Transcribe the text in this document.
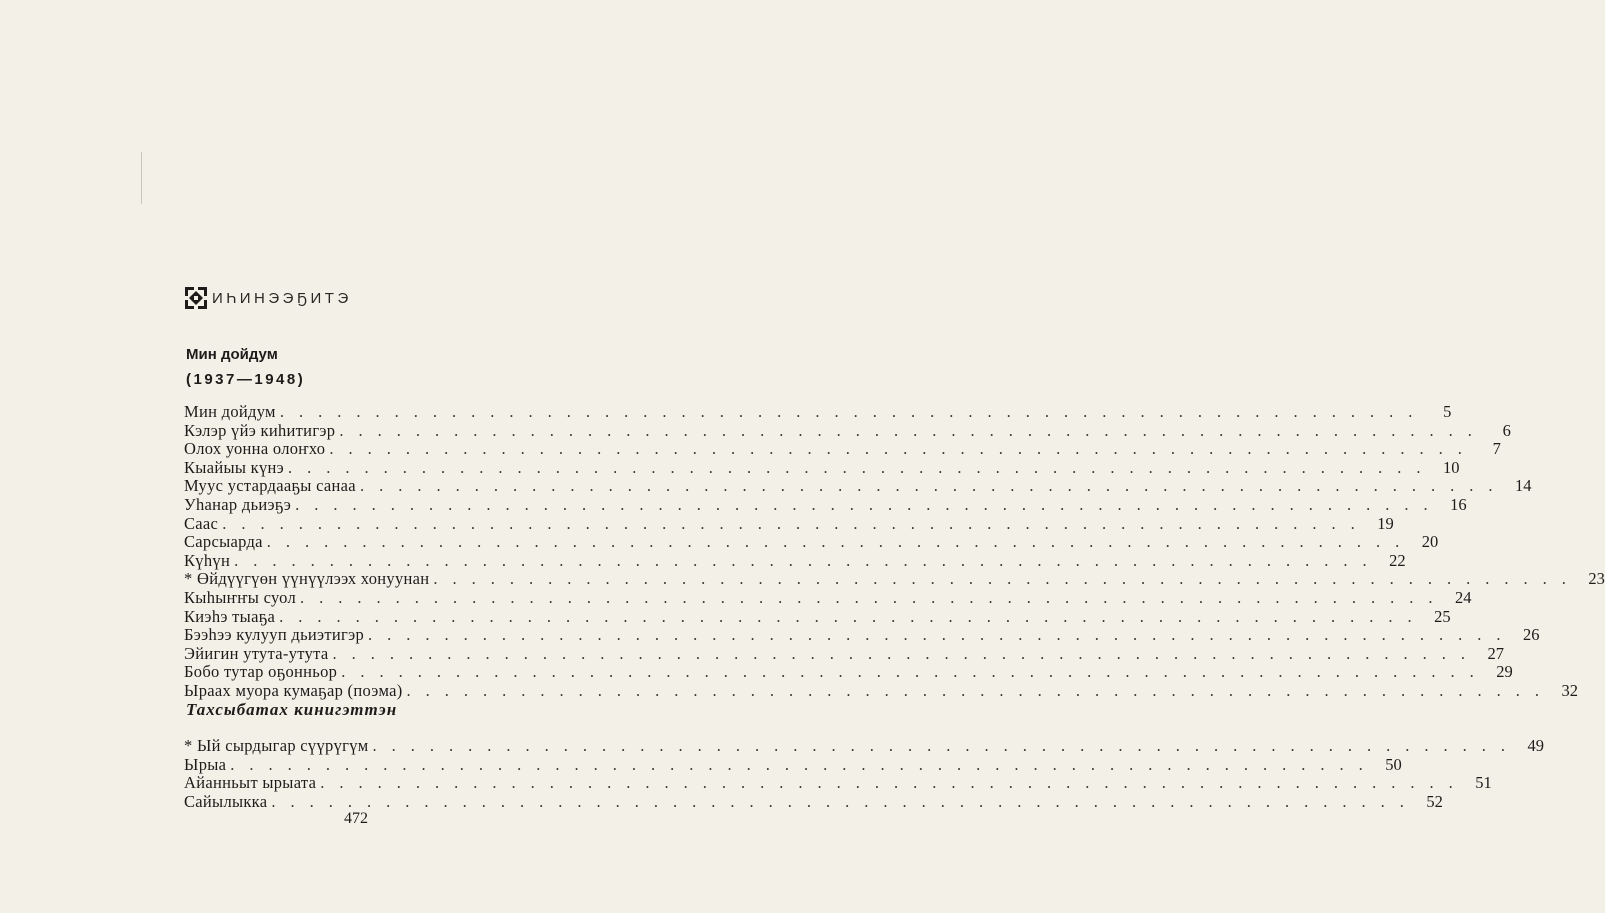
ИҺИНЭЭҔИТЭ
Мин дойдум
(1937—1948)
Мин дойдум ............................................................ 5
Кэлэр үйэ киһитигэр ............................................................ 6
Олох уонна олоҥхо ............................................................ 7
Кыайыы күнэ ............................................................ 10
Муус устардааҕы санаа ............................................................ 14
Уһанар дьиэҕэ ............................................................ 16
Саас ............................................................ 19
Сарсыарда ............................................................ 20
Күһүн ............................................................ 22
* Өйдүүгүөн үүнүүлээх хонуунан ............................................................ 23
Кыһыҥҥы суол ............................................................ 24
Киэһэ тыаҕа ............................................................ 25
Бээһээ кулууп дьиэтигэр ............................................................ 26
Эйигин утута-утута ............................................................ 27
Бобо тутар оҕонньор ............................................................ 29
Ыраах муора кумаҕар (поэма) ............................................................ 32
Тахсыбатах кинигэттэн
* Ый сырдыгар сүүрүгүм ............................................................ 49
Ырыа ............................................................ 50
Айанньыт ырыата ............................................................ 51
Сайылыкка ............................................................ 52
472
